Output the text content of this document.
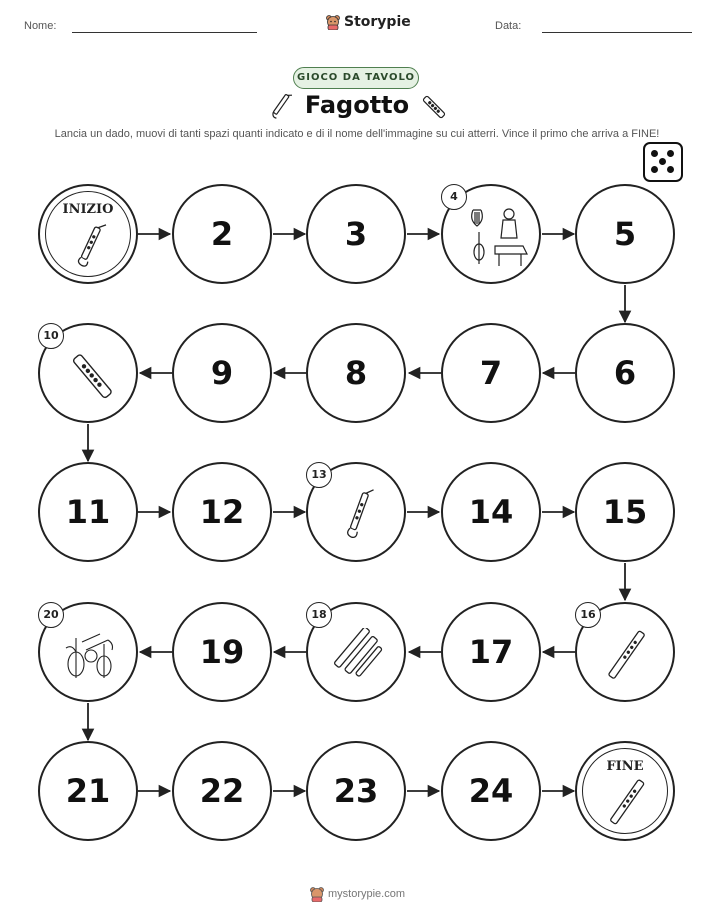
Nome:	Storypie	Data:
GIOCO DA TAVOLO
Fagotto
Lancia un dado, muovi di tanti spazi quanti indicato e di il nome dell'immagine su cui atterri. Vince il primo che arriva a FINE!
INIZIO
2	3
4
5
10
9	8	7	6
11	12
13
14	15
20
19
18
17
16
21	22	23	24
FINE
mystorypie.com
